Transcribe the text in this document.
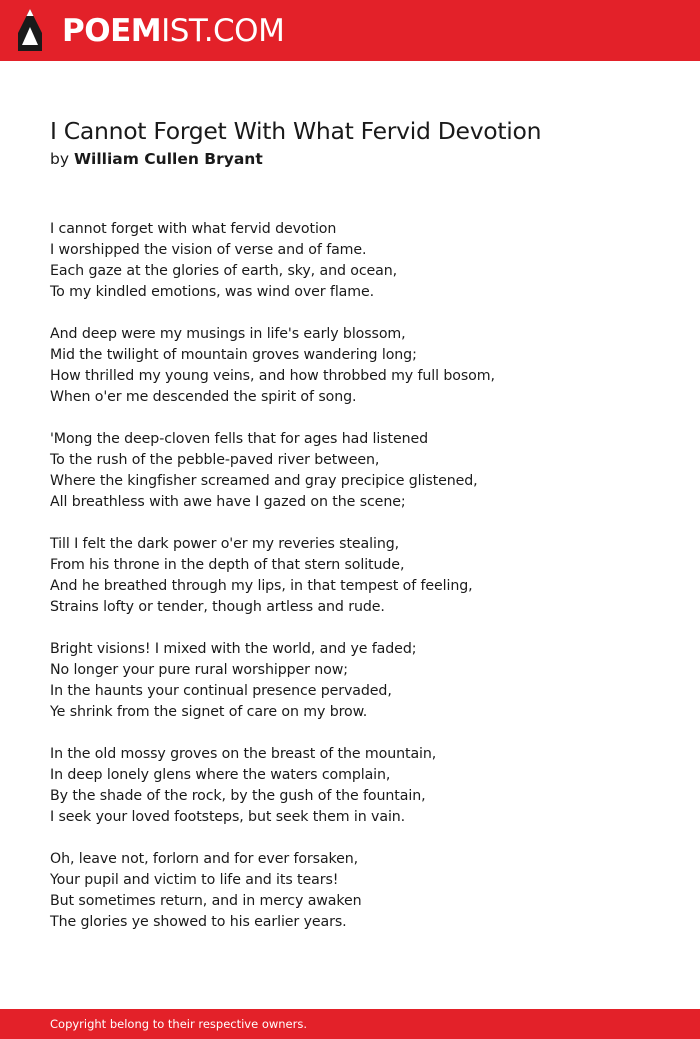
POEMIST.COM
I Cannot Forget With What Fervid Devotion
by William Cullen Bryant
I cannot forget with what fervid devotion
I worshipped the vision of verse and of fame.
Each gaze at the glories of earth, sky, and ocean,
To my kindled emotions, was wind over flame.
And deep were my musings in life's early blossom,
Mid the twilight of mountain groves wandering long;
How thrilled my young veins, and how throbbed my full bosom,
When o'er me descended the spirit of song.
'Mong the deep-cloven fells that for ages had listened
To the rush of the pebble-paved river between,
Where the kingfisher screamed and gray precipice glistened,
All breathless with awe have I gazed on the scene;
Till I felt the dark power o'er my reveries stealing,
From his throne in the depth of that stern solitude,
And he breathed through my lips, in that tempest of feeling,
Strains lofty or tender, though artless and rude.
Bright visions! I mixed with the world, and ye faded;
No longer your pure rural worshipper now;
In the haunts your continual presence pervaded,
Ye shrink from the signet of care on my brow.
In the old mossy groves on the breast of the mountain,
In deep lonely glens where the waters complain,
By the shade of the rock, by the gush of the fountain,
I seek your loved footsteps, but seek them in vain.
Oh, leave not, forlorn and for ever forsaken,
Your pupil and victim to life and its tears!
But sometimes return, and in mercy awaken
The glories ye showed to his earlier years.
Copyright belong to their respective owners.
